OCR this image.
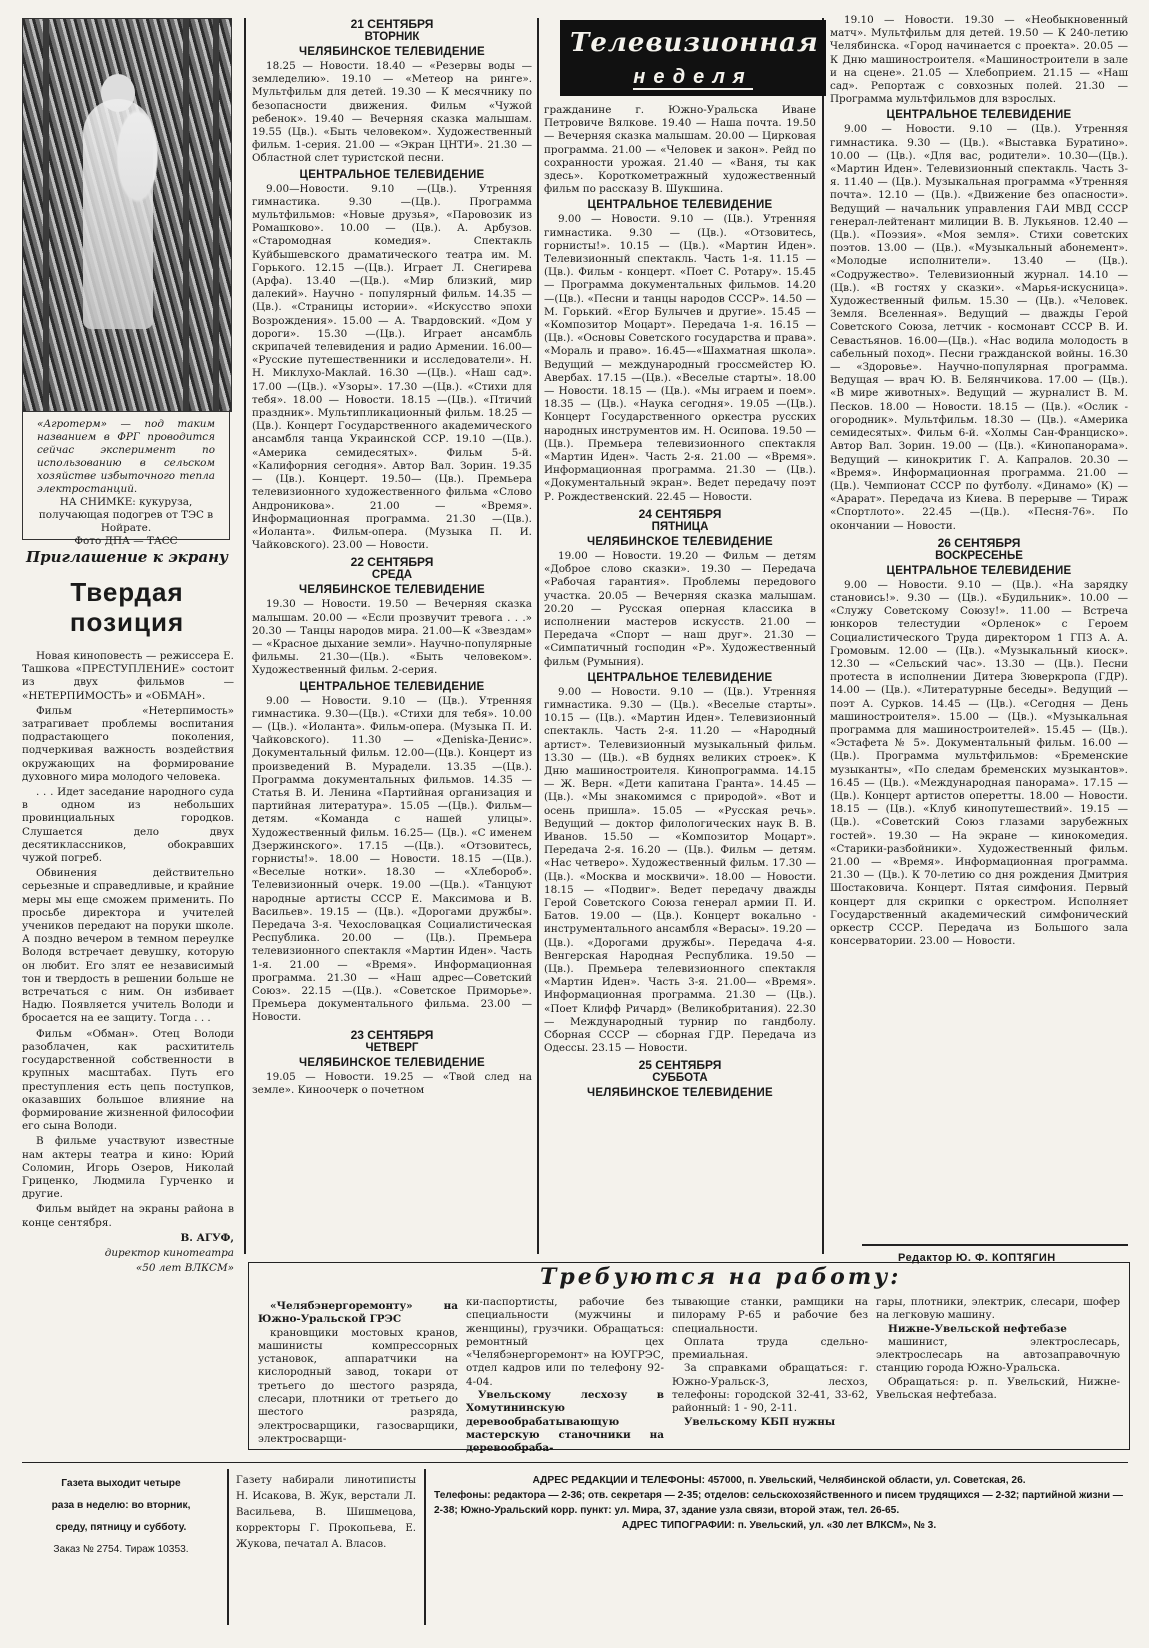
«Агротерм» — под таким названием в ФРГ проводится сейчас эксперимент по использованию в сельском хозяйстве избыточного тепла электростанций.
НА СНИМКЕ: кукуруза, получающая подогрев от ТЭС в Нойрате.
Фото ДПА — ТАСС
Приглашение к экрану
Твердая
позиция

Новая киноповесть — режиссера Е. Ташкова «ПРЕСТУПЛЕНИЕ» состоит из двух фильмов — «НЕТЕРПИМОСТЬ» и «ОБМАН».

Фильм «Нетерпимость» затрагивает проблемы воспитания подрастающего поколения, подчеркивая важность воздействия окружающих на формирование духовного мира молодого человека.

. . . Идет заседание народного суда в одном из небольших провинциальных городков. Слушается дело двух десятиклассников, обокравших чужой погреб.

Обвинения действительно серьезные и справедливые, и крайние меры мы еще сможем применить. По просьбе директора и учителей учеников передают на поруки школе. А поздно вечером в темном переулке Володя встречает девушку, которую он любит. Его злят ее независимый тон и твердость в решении больше не встречаться с ним. Он избивает Надю. Появляется учитель Володи и бросается на ее защиту. Тогда . . .

Фильм «Обман». Отец Володи разоблачен, как расхититель государственной собственности в крупных масштабах. Путь его преступления есть цепь поступков, оказавших большое влияние на формирование жизненной философии его сына Володи.

В фильме участвуют известные нам актеры театра и кино: Юрий Соломин, Игорь Озеров, Николай Гриценко, Людмила Гурченко и другие.

Фильм выйдет на экраны района в конце сентября.

В. АГУФ,

директор кинотеатра

«50 лет ВЛКСМ»

21 СЕНТЯБРЯ
ВТОРНИК
ЧЕЛЯБИНСКОЕ ТЕЛЕВИДЕНИЕ

18.25 — Новости. 18.40 — «Резервы воды — земледелию». 19.10 — «Метеор на ринге». Мультфильм для детей. 19.30 — К месячнику по безопасности движения. Фильм «Чужой ребенок». 19.40 — Вечерняя сказка малышам. 19.55 (Цв.). «Быть человеком». Художественный фильм. 1-серия. 21.00 — «Экран ЦНТИ». 21.30 — Областной слет туристской песни.

ЦЕНТРАЛЬНОЕ ТЕЛЕВИДЕНИЕ

9.00—Новости. 9.10 —(Цв.). Утренняя гимнастика. 9.30 —(Цв.). Программа мультфильмов: «Новые друзья», «Паровозик из Ромашково». 10.00 — (Цв.). А. Арбузов. «Старомодная комедия». Спектакль Куйбышевского драматического театра им. М. Горького. 12.15 —(Цв.). Играет Л. Снегирева (Арфа). 13.40 —(Цв.). «Мир близкий, мир далекий». Научно - популярный фильм. 14.35 —(Цв.). «Страницы истории». «Искусство эпохи Возрождения». 15.00 — А. Твардовский. «Дом у дороги». 15.30 —(Цв.). Играет ансамбль скрипачей телевидения и радио Армении. 16.00— «Русские путешественники и исследователи». Н. Н. Миклухо-Маклай. 16.30 —(Цв.). «Наш сад». 17.00 —(Цв.). «Узоры». 17.30 —(Цв.). «Стихи для тебя». 18.00 — Новости. 18.15 —(Цв.). «Птичий праздник». Мультипликационный фильм. 18.25 —(Цв.). Концерт Государственного академического ансамбля танца Украинской ССР. 19.10 —(Цв.). «Америка семидесятых». Фильм 5-й. «Калифорния сегодня». Автор Вал. Зорин. 19.35 — (Цв.). Концерт. 19.50— (Цв.). Премьера телевизионного художественного фильма «Слово Андроникова». 21.00 — «Время». Информационная программа. 21.30 —(Цв.). «Иоланта». Фильм-опера. (Музыка П. И. Чайковского). 23.00 — Новости.

22 СЕНТЯБРЯ
СРЕДА
ЧЕЛЯБИНСКОЕ ТЕЛЕВИДЕНИЕ

19.30 — Новости. 19.50 — Вечерняя сказка малышам. 20.00 — «Если прозвучит тревога . . .» 20.30 — Танцы народов мира. 21.00—К «Звездам» — «Красное дыхание земли». Научно-популярные фильмы. 21.30—(Цв.). «Быть человеком». Художественный фильм. 2-серия.

ЦЕНТРАЛЬНОЕ ТЕЛЕВИДЕНИЕ

9.00 — Новости. 9.10 — (Цв.). Утренняя гимнастика. 9.30—(Цв.). «Стихи для тебя». 10.00 — (Цв.). «Иоланта». Фильм-опера. (Музыка П. И. Чайковского). 11.30 — «Деniska-Денис». Документальный фильм. 12.00—(Цв.). Концерт из произведений В. Мурадели. 13.35 —(Цв.). Программа документальных фильмов. 14.35 — Статья В. И. Ленина «Партийная организация и партийная литература». 15.05 —(Цв.). Фильм—детям. «Команда с нашей улицы». Художественный фильм. 16.25— (Цв.). «С именем Дзержинского». 17.15 —(Цв.). «Отзовитесь, горнисты!». 18.00 — Новости. 18.15 —(Цв.). «Веселые нотки». 18.30 — «Хлебороб». Телевизионный очерк. 19.00 —(Цв.). «Танцуют народные артисты СССР Е. Максимова и В. Васильев». 19.15 — (Цв.). «Дорогами дружбы». Передача 3-я. Чехословацкая Социалистическая Республика. 20.00 — (Цв.). Премьера телевизионного спектакля «Мартин Иден». Часть 1-я. 21.00 — «Время». Информационная программа. 21.30 — «Наш адрес—Советский Союз». 22.15 —(Цв.). «Советское Приморье». Премьера документального фильма. 23.00 —Новости.

23 СЕНТЯБРЯ
ЧЕТВЕРГ
ЧЕЛЯБИНСКОЕ ТЕЛЕВИДЕНИЕ

19.05 — Новости. 19.25 — «Твой след на земле». Киноочерк о почетном

Телевизионная
неделя

гражданине г. Южно-Уральска Иване Петровиче Вялкове. 19.40 — Наша почта. 19.50 — Вечерняя сказка малышам. 20.00 — Цирковая программа. 21.00 — «Человек и закон». Рейд по сохранности урожая. 21.40 — «Ваня, ты как здесь». Короткометражный художественный фильм по рассказу В. Шукшина.

ЦЕНТРАЛЬНОЕ ТЕЛЕВИДЕНИЕ

9.00 — Новости. 9.10 — (Цв.). Утренняя гимнастика. 9.30 — (Цв.). «Отзовитесь, горнисты!». 10.15 — (Цв.). «Мартин Иден». Телевизионный спектакль. Часть 1-я. 11.15 — (Цв.). Фильм - концерт. «Поет С. Ротару». 15.45 — Программа документальных фильмов. 14.20 —(Цв.). «Песни и танцы народов СССР». 14.50 — М. Горький. «Егор Булычев и другие». 15.45 — «Композитор Моцарт». Передача 1-я. 16.15 — (Цв.). «Основы Советского государства и права». «Мораль и право». 16.45—«Шахматная школа». Ведущий — международный гроссмейстер Ю. Авербах. 17.15 —(Цв.). «Веселые старты». 18.00 — Новости. 18.15 — (Цв.). «Мы играем и поем». 18.35 — (Цв.). «Наука сегодня». 19.05 —(Цв.). Концерт Государственного оркестра русских народных инструментов им. Н. Осипова. 19.50 —(Цв.). Премьера телевизионного спектакля «Мартин Иден». Часть 2-я. 21.00 — «Время». Информационная программа. 21.30 — (Цв.). «Документальный экран». Ведет передачу поэт Р. Рождественский. 22.45 — Новости.

24 СЕНТЯБРЯ
ПЯТНИЦА
ЧЕЛЯБИНСКОЕ ТЕЛЕВИДЕНИЕ

19.00 — Новости. 19.20 — Фильм — детям «Доброе слово сказки». 19.30 — Передача «Рабочая гарантия». Проблемы передового участка. 20.05 — Вечерняя сказка малышам. 20.20 — Русская оперная классика в исполнении мастеров искусств. 21.00 — Передача «Спорт — наш друг». 21.30 — «Симпатичный господин «Р». Художественный фильм (Румыния).

ЦЕНТРАЛЬНОЕ ТЕЛЕВИДЕНИЕ

9.00 — Новости. 9.10 — (Цв.). Утренняя гимнастика. 9.30 — (Цв.). «Веселые старты». 10.15 — (Цв.). «Мартин Иден». Телевизионный спектакль. Часть 2-я. 11.20 — «Народный артист». Телевизионный музыкальный фильм. 13.30 — (Цв.). «В буднях великих строек». К Дню машиностроителя. Кинопрограмма. 14.15 — Ж. Верн. «Дети капитана Гранта». 14.45 — (Цв.). «Мы знакомимся с природой». «Вот и осень пришла». 15.05 — «Русская речь». Ведущий — доктор филологических наук В. В. Иванов. 15.50 — «Композитор Моцарт». Передача 2-я. 16.20 — (Цв.). Фильм — детям. «Нас четверо». Художественный фильм. 17.30 — (Цв.). «Москва и москвичи». 18.00 — Новости. 18.15 — «Подвиг». Ведет передачу дважды Герой Советского Союза генерал армии П. И. Батов. 19.00 — (Цв.). Концерт вокально - инструментального ансамбля «Верасы». 19.20 — (Цв.). «Дорогами дружбы». Передача 4-я. Венгерская Народная Республика. 19.50 — (Цв.). Премьера телевизионного спектакля «Мартин Иден». Часть 3-я. 21.00— «Время». Информационная программа. 21.30 — (Цв.). «Поет Клифф Ричард» (Великобритания). 22.30 — Международный турнир по гандболу. Сборная СССР — сборная ГДР. Передача из Одессы. 23.15 — Новости.

25 СЕНТЯБРЯ
СУББОТА
ЧЕЛЯБИНСКОЕ ТЕЛЕВИДЕНИЕ

19.10 — Новости. 19.30 — «Необыкновенный матч». Мультфильм для детей. 19.50 — К 240-летию Челябинска. «Город начинается с проекта». 20.05 — К Дню машиностроителя. «Машиностроители в зале и на сцене». 21.05 — Хлебоприем. 21.15 — «Наш сад». Репортаж с совхозных полей. 21.30 — Программа мультфильмов для взрослых.

ЦЕНТРАЛЬНОЕ ТЕЛЕВИДЕНИЕ

9.00 — Новости. 9.10 — (Цв.). Утренняя гимнастика. 9.30 — (Цв.). «Выставка Буратино». 10.00 — (Цв.). «Для вас, родители». 10.30—(Цв.). «Мартин Иден». Телевизионный спектакль. Часть 3-я. 11.40 — (Цв.). Музыкальная программа «Утренняя почта». 12.10 — (Цв.). «Движение без опасности». Ведущий — начальник управления ГАИ МВД СССР генерал-лейтенант милиции В. В. Лукьянов. 12.40 — (Цв.). «Поэзия». «Моя земля». Стихи советских поэтов. 13.00 — (Цв.). «Музыкальный абонемент». «Молодые исполнители». 13.40 — (Цв.). «Содружество». Телевизионный журнал. 14.10 — (Цв.). «В гостях у сказки». «Марья-искусница». Художественный фильм. 15.30 — (Цв.). «Человек. Земля. Вселенная». Ведущий — дважды Герой Советского Союза, летчик - космонавт СССР В. И. Севастьянов. 16.00—(Цв.). «Нас водила молодость в сабельный поход». Песни гражданской войны. 16.30 — «Здоровье». Научно-популярная программа. Ведущая — врач Ю. В. Белянчикова. 17.00 — (Цв.). «В мире животных». Ведущий — журналист В. М. Песков. 18.00 — Новости. 18.15 — (Цв.). «Ослик - огородник». Мультфильм. 18.30 — (Цв.). «Америка семидесятых». Фильм 6-й. «Холмы Сан-Франциско». Автор Вал. Зорин. 19.00 — (Цв.). «Кинопанорама». Ведущий — кинокритик Г. А. Капралов. 20.30 — «Время». Информационная программа. 21.00 — (Цв.). Чемпионат СССР по футболу. «Динамо» (К) — «Арарат». Передача из Киева. В перерыве — Тираж «Спортлото». 22.45 —(Цв.). «Песня-76». По окончании — Новости.

26 СЕНТЯБРЯ
ВОСКРЕСЕНЬЕ
ЦЕНТРАЛЬНОЕ ТЕЛЕВИДЕНИЕ

9.00 — Новости. 9.10 — (Цв.). «На зарядку становись!». 9.30 — (Цв.). «Будильник». 10.00 — «Служу Советскому Союзу!». 11.00 — Встреча юнкоров телестудии «Орленок» с Героем Социалистического Труда директором 1 ГПЗ А. А. Громовым. 12.00 — (Цв.). «Музыкальный киоск». 12.30 — «Сельский час». 13.30 — (Цв.). Песни протеста в исполнении Дитера Зюверкропа (ГДР). 14.00 — (Цв.). «Литературные беседы». Ведущий — поэт А. Сурков. 14.45 — (Цв.). «Сегодня — День машиностроителя». 15.00 — (Цв.). «Музыкальная программа для машиностроителей». 15.45 — (Цв.). «Эстафета № 5». Документальный фильм. 16.00 — (Цв.). Программа мультфильмов: «Бременские музыканты», «По следам бременских музыкантов». 16.45 — (Цв.). «Международная панорама». 17.15 — (Цв.). Концерт артистов оперетты. 18.00 — Новости. 18.15 — (Цв.). «Клуб кинопутешествий». 19.15 — (Цв.). «Советский Союз глазами зарубежных гостей». 19.30 — На экране — кинокомедия. «Старики-разбойники». Художественный фильм. 21.00 — «Время». Информационная программа. 21.30 — (Цв.). К 70-летию со дня рождения Дмитрия Шостаковича. Концерт. Пятая симфония. Первый концерт для скрипки с оркестром. Исполняет Государственный академический симфонический оркестр СССР. Передача из Большого зала консерватории. 23.00 — Новости.

Редактор Ю. Ф. КОПТЯГИН
Требуются на работу:

«Челябэнергоремонту» на Южно-Уральской ГРЭС

крановщики мостовых кранов, машинисты компрессорных установок, аппаратчики на кислородный завод, токари от третьего до шестого разряда, слесари, плотники от третьего до шестого разряда, электросварщики, газосварщики, электросварщи-

ки-паспортисты, рабочие без специальности (мужчины и женщины), грузчики. Обращаться: ремонтный цех «Челябэнергоремонт» на ЮУГРЭС, отдел кадров или по телефону 92-4-04.

Увельскому лесхозу в Хомутининскую деревообрабатывающую мастерскую станочники на деревообраба-

тывающие станки, рамщики на пилораму Р-65 и рабочие без специальности.

Оплата труда сдельно-премиальная.

За справками обращаться: г. Южно-Уральск-3, лесхоз, телефоны: городской 32-41, 33-62, районный: 1 - 90, 2-11.

Увельскому КБП нужны

гары, плотники, электрик, слесари, шофер на легковую машину.

Нижне-Увельской нефтебазе

машинист, электрослесарь, электрослесарь на автозаправочную станцию города Южно-Уральска.

Обращаться: р. п. Увельский, Нижне-Увельская нефтебаза.

Газета выходит четыре

раза в неделю: во вторник,

среду, пятницу и субботу.

Заказ № 2754. Тираж 10353.

Газету набирали линотиписты Н. Исакова, В. Жук, верстали Л. Васильева, В. Шишмецова, корректоры Г. Прокопьева, Е. Жукова, печатал А. Власов.

АДРЕС РЕДАКЦИИ И ТЕЛЕФОНЫ: 457000, п. Увельский, Челябинской области, ул. Советская, 26.

Телефоны: редактора — 2-36; отв. секретаря — 2-35; отделов: сельскохозяйственного и писем трудящихся — 2-32; партийной жизни — 2-38; Южно-Уральский корр. пункт: ул. Мира, 37, здание узла связи, второй этаж, тел. 26-65.

АДРЕС ТИПОГРАФИИ: п. Увельский, ул. «30 лет ВЛКСМ», № 3.
